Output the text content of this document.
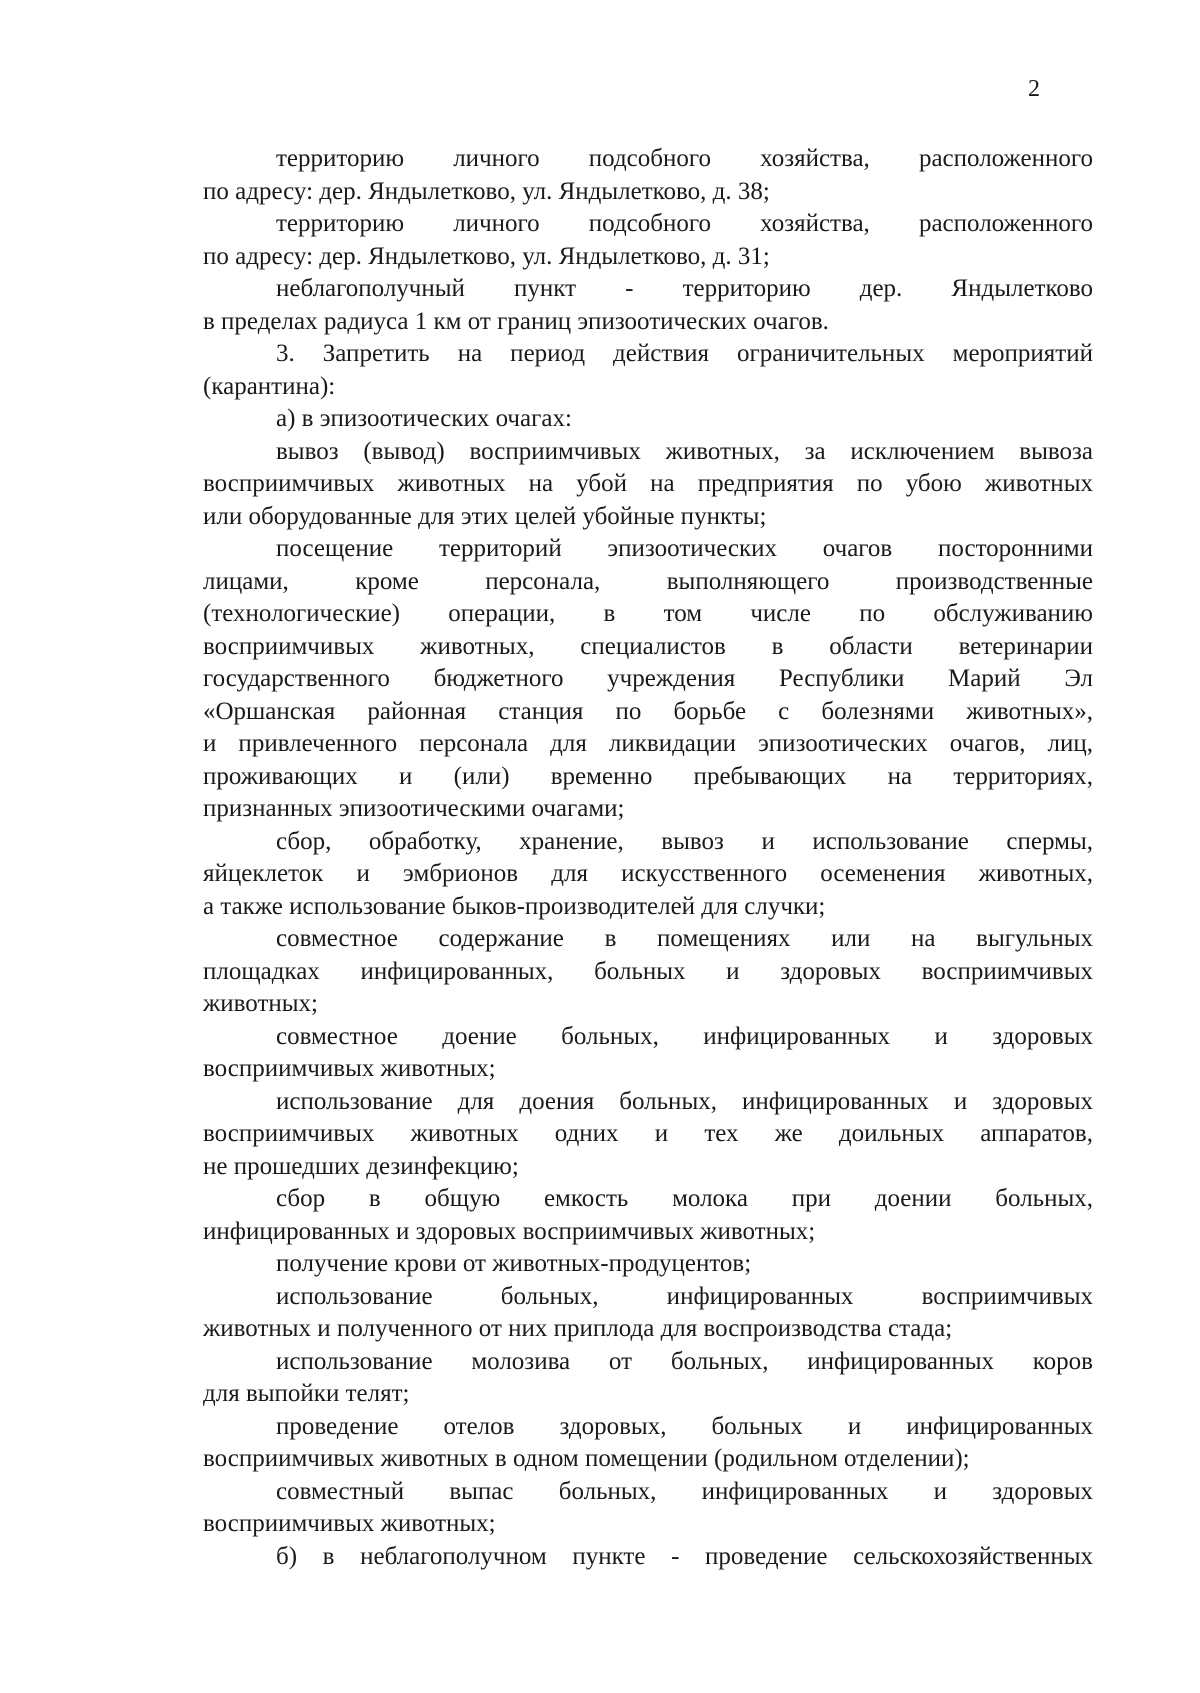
2

территорию личного подсобного хозяйства, расположенного
по адресу: дер. Яндылетково, ул. Яндылетково, д. 38;

территорию личного подсобного хозяйства, расположенного
по адресу: дер. Яндылетково, ул. Яндылетково, д. 31;

неблагополучный пункт - территорию дер. Яндылетково
в пределах радиуса 1 км от границ эпизоотических очагов.

3. Запретить на период действия ограничительных мероприятий
(карантина):

а) в эпизоотических очагах:

вывоз (вывод) восприимчивых животных, за исключением вывоза
восприимчивых животных на убой на предприятия по убою животных
или оборудованные для этих целей убойные пункты;

посещение территорий эпизоотических очагов посторонними
лицами, кроме персонала, выполняющего производственные
(технологические) операции, в том числе по обслуживанию
восприимчивых животных, специалистов в области ветеринарии
государственного бюджетного учреждения Республики Марий Эл
«Оршанская районная станция по борьбе с болезнями животных»,
и привлеченного персонала для ликвидации эпизоотических очагов, лиц,
проживающих и (или) временно пребывающих на территориях,
признанных эпизоотическими очагами;

сбор, обработку, хранение, вывоз и использование спермы,
яйцеклеток и эмбрионов для искусственного осеменения животных,
а также использование быков-производителей для случки;

совместное содержание в помещениях или на выгульных
площадках инфицированных, больных и здоровых восприимчивых
животных;

совместное доение больных, инфицированных и здоровых
восприимчивых животных;

использование для доения больных, инфицированных и здоровых
восприимчивых животных одних и тех же доильных аппаратов,
не прошедших дезинфекцию;

сбор в общую емкость молока при доении больных,
инфицированных и здоровых восприимчивых животных;

получение крови от животных-продуцентов;

использование больных, инфицированных восприимчивых
животных и полученного от них приплода для воспроизводства стада;

использование молозива от больных, инфицированных коров
для выпойки телят;

проведение отелов здоровых, больных и инфицированных
восприимчивых животных в одном помещении (родильном отделении);

совместный выпас больных, инфицированных и здоровых
восприимчивых животных;

б) в неблагополучном пункте - проведение сельскохозяйственных
